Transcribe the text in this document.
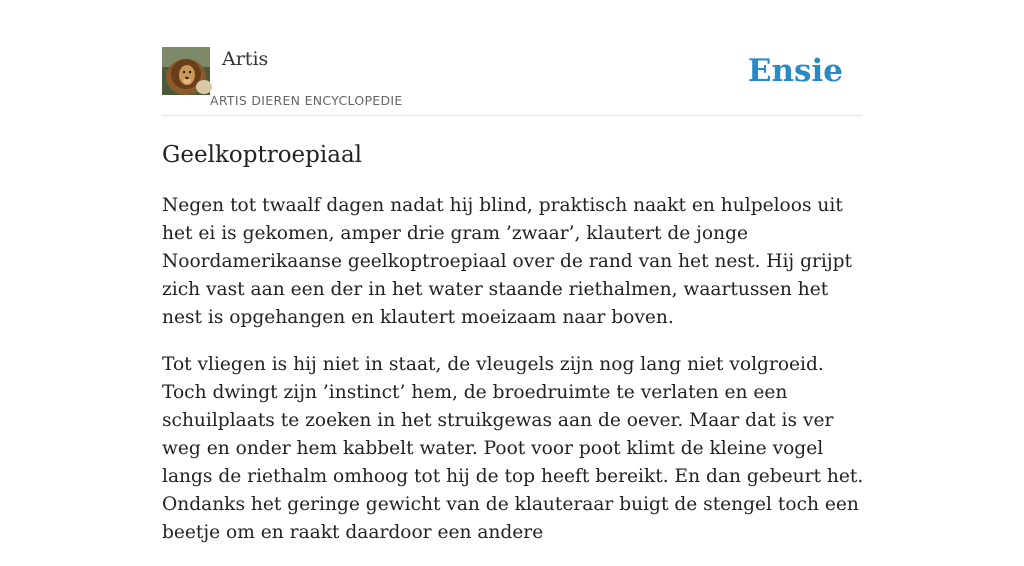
Artis
ARTIS DIEREN ENCYCLOPEDIE
Ensie
Geelkoptroepiaal

Negen tot twaalf dagen nadat hij blind, praktisch naakt en hulpeloos uit het ei is gekomen, amper drie gram ’zwaar’, klautert de jonge Noordamerikaanse geelkoptroepiaal over de rand van het nest. Hij grijpt zich vast aan een der in het water staande riethalmen, waartussen het nest is opgehangen en klautert moeizaam naar boven.

Tot vliegen is hij niet in staat, de vleugels zijn nog lang niet volgroeid. Toch dwingt zijn ’instinct’ hem, de broedruimte te verlaten en een schuilplaats te zoeken in het struikgewas aan de oever. Maar dat is ver weg en onder hem kabbelt water. Poot voor poot klimt de kleine vogel langs de riethalm omhoog tot hij de top heeft bereikt. En dan gebeurt het. Ondanks het geringe gewicht van de klauteraar buigt de stengel toch een beetje om en raakt daardoor een andere
